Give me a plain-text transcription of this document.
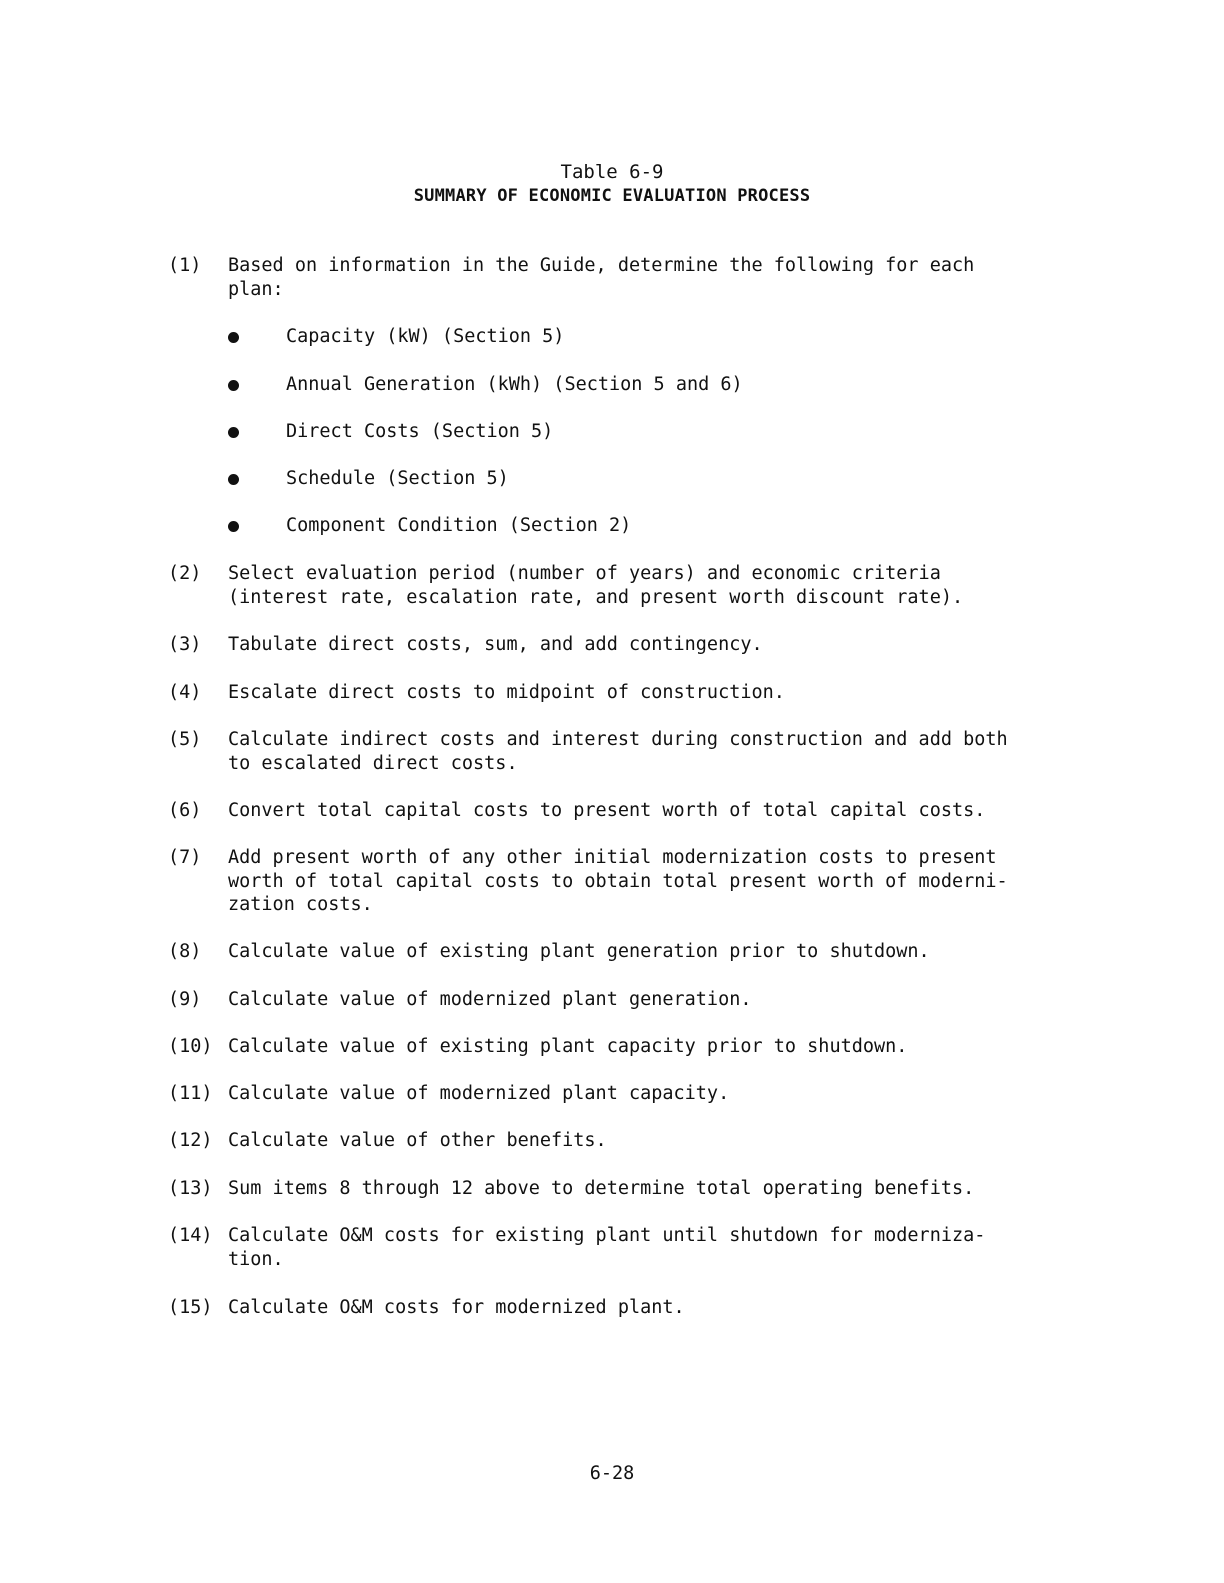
Table 6-9
SUMMARY OF ECONOMIC EVALUATION PROCESS
(1) Based on information in the Guide, determine the following for each
plan:
Capacity (kW) (Section 5)
Annual Generation (kWh) (Section 5 and 6)
Direct Costs (Section 5)
Schedule (Section 5)
Component Condition (Section 2)
(2) Select evaluation period (number of years) and economic criteria
(interest rate, escalation rate, and present worth discount rate).
(3) Tabulate direct costs, sum, and add contingency.
(4) Escalate direct costs to midpoint of construction.
(5) Calculate indirect costs and interest during construction and add both
to escalated direct costs.
(6) Convert total capital costs to present worth of total capital costs.
(7) Add present worth of any other initial modernization costs to present
worth of total capital costs to obtain total present worth of moderni-
zation costs.
(8) Calculate value of existing plant generation prior to shutdown.
(9) Calculate value of modernized plant generation.
(10) Calculate value of existing plant capacity prior to shutdown.
(11) Calculate value of modernized plant capacity.
(12) Calculate value of other benefits.
(13) Sum items 8 through 12 above to determine total operating benefits.
(14) Calculate O&M costs for existing plant until shutdown for moderniza-
tion.
(15) Calculate O&M costs for modernized plant.
6-28
